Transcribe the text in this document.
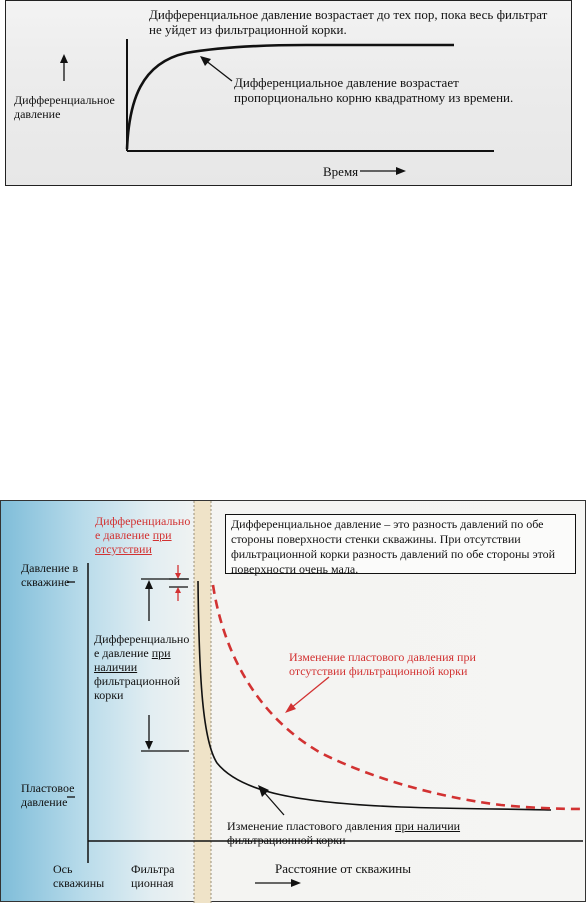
Дифференциальное давление возрастает до тех пор, пока весь фильтрат
не уйдет из фильтрационной корки.
Дифференциальное
давление
Дифференциальное давление возрастает
пропорционально корню квадратному из времени.
Время
Дифференциальное давление – это разность давлений по обе
стороны поверхности стенки скважины. При отсутствии
фильтрационной корки разность давлений по обе стороны этой
поверхности очень мала.
Дифференциально
е давление при
отсутствии
Давление в
скважине
Пластовое
давление
Дифференциально
е давление при
наличии
фильтрационной
корки
Изменение пластового давления при
отсутствии фильтрационной корки
Изменение пластового давления при наличии
фильтрационной корки
Ось
скважины
Фильтра
ционная
Расстояние от скважины
